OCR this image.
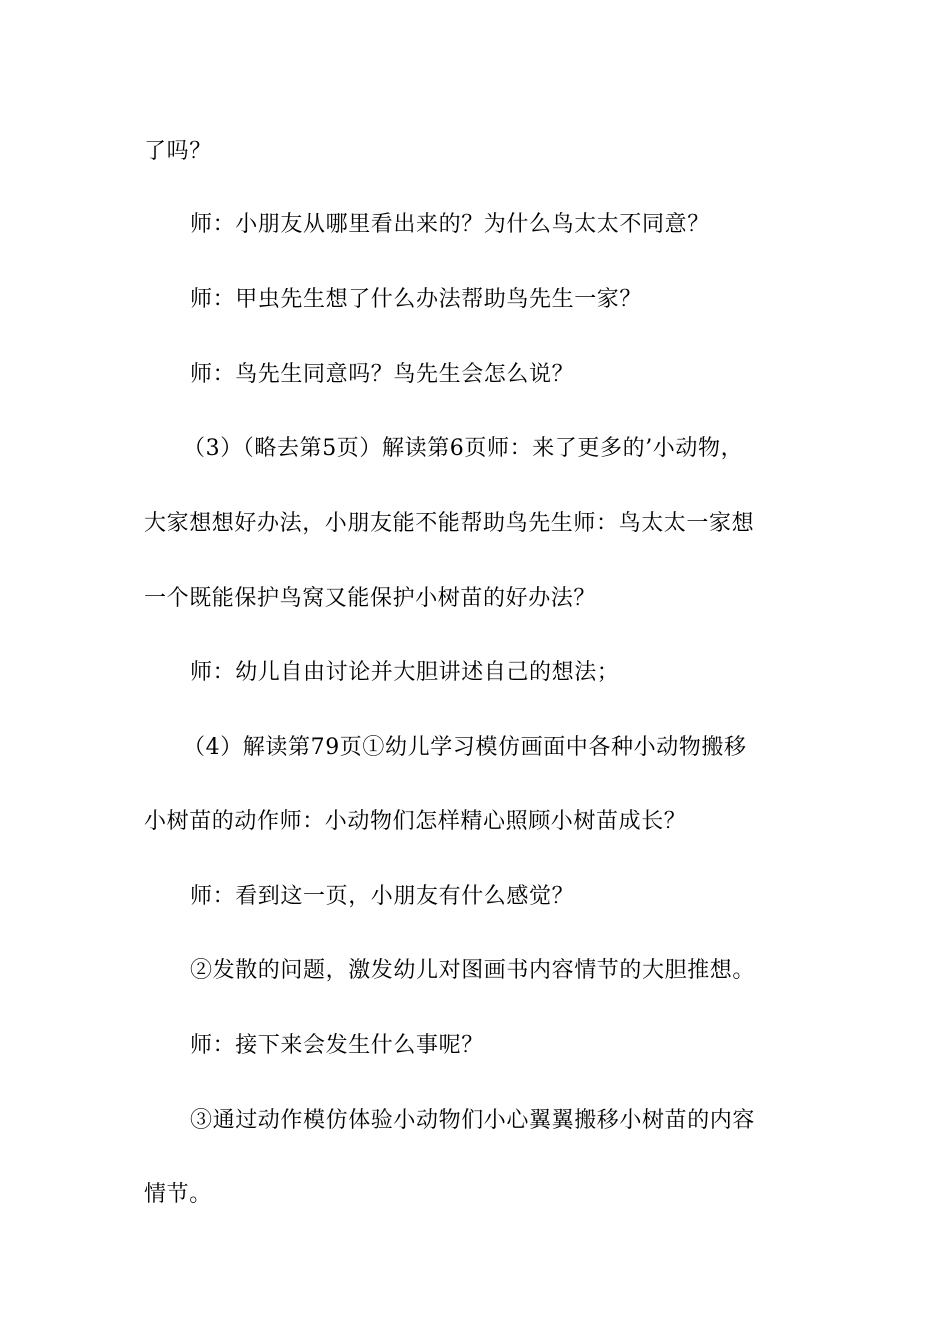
了吗？
师：小朋友从哪里看出来的？为什么鸟太太不同意？
师：甲虫先生想了什么办法帮助鸟先生一家？
师：鸟先生同意吗？鸟先生会怎么说？
（3）（略去第5页）解读第6页师：来了更多的’小动物，
大家想想好办法，小朋友能不能帮助鸟先生师：鸟太太一家想
一个既能保护鸟窝又能保护小树苗的好办法？
师：幼儿自由讨论并大胆讲述自己的想法；
（4）解读第79页①幼儿学习模仿画面中各种小动物搬移
小树苗的动作师：小动物们怎样精心照顾小树苗成长？
师：看到这一页，小朋友有什么感觉？
②发散的问题，激发幼儿对图画书内容情节的大胆推想。
师：接下来会发生什么事呢？
③通过动作模仿体验小动物们小心翼翼搬移小树苗的内容
情节。
